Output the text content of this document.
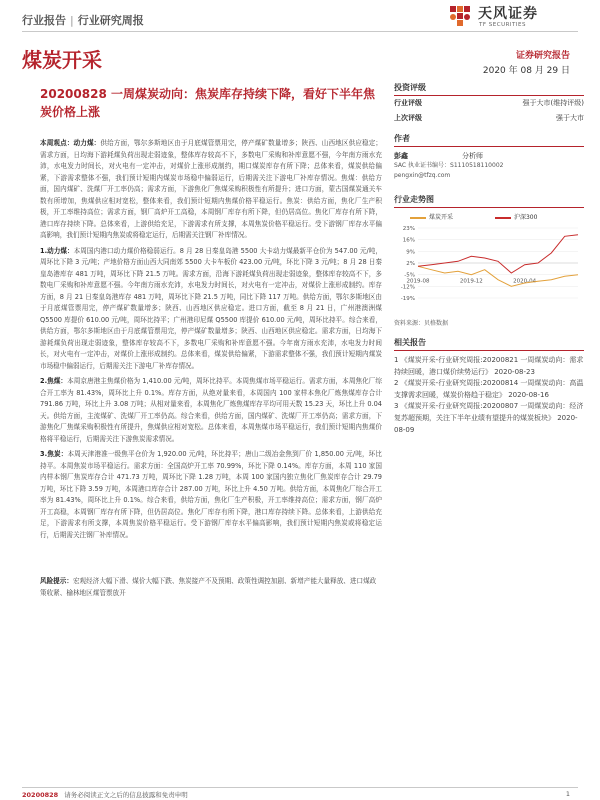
行业报告 | 行业研究周报	天风证券
TF SECURITIES
煤炭开采	证券研究报告
2020 年 08 月 29 日
20200828 一周煤炭动向：焦炭库存持续下降，看好下半年焦炭价格上涨

本周观点：动力煤：供给方面，鄂尔多斯地区由于月底煤管票用完，停产煤矿数量增多；陕西、山西地区供应稳定；需求方面，日均海下游耗煤负荷出现走弱迹象，整体库存较高不下，多数电厂采购和补库意愿不强，今年南方雨水充沛，水电发力时间长，对火电有一定冲击，对煤价上涨形成制约，期口煤炭库存有所下降；总体来看，煤炭供给偏紧，下游需求整体不强，我们预计短期内煤炭市场稳中偏弱运行，后期需关注下游电厂补库存情况。焦煤：供给方面，国内煤矿、洗煤厂开工率仍高；需求方面，下游焦化厂焦煤采购积极性有所提升；进口方面，蒙古国煤炭通关车数有所增加，焦煤供应相对宽松，整体来看，我们预计短期内焦煤价格平稳运行。焦炭：供给方面，焦化厂生产积极，开工率维持高位；需求方面，钢厂高炉开工高稳，本周钢厂库存有所下降，但仍居高位。焦化厂库存有所下降，港口库存持续下降。总体来看，上游供给充足，下游需求有所支撑，本周焦炭价格平稳运行。受下游钢厂库存水平偏高影响，我们预计短期内焦炭或将稳定运行，后期需关注钢厂补库情况。

1.动力煤：本周国内港口动力煤价格稳弱运行。8 月 28 日秦皇岛港 5500 大卡动力煤最新平仓价为 547.00 元/吨，周环比下降 3 元/吨；产地价格方面山西大同南郊 5500 大卡车板价 423.00 元/吨，环比下降 3 元/吨；8 月 28 日秦皇岛港库存 481 万吨，周环比下降 21.5 万吨。需求方面，沿海下游耗煤负荷出现走弱迹象，整体库存较高不下，多数电厂采购和补库意愿不强。今年南方雨水充沛，水电发力时间长，对火电有一定冲击，对煤价上涨形成制约。库存方面，8 月 21 日秦皇岛港库存 481 万吨，周环比下降 21.5 万吨，同比下降 117 万吨。供给方面，鄂尔多斯地区由于月底煤管票用完，停产煤矿数量增多；陕西、山西地区供应稳定。进口方面，截至 8 月 21 日，广州港澳洲煤 Q5500 库提价 610.00 元/吨，周环比持平；广州港印尼煤 Q5500 库提价 610.00 元/吨，周环比持平。综合来看，供给方面，鄂尔多斯地区由于月底煤管票用完，停产煤矿数量增多；陕西、山西地区供应稳定。需求方面，日均海下游耗煤负荷出现走弱迹象，整体库存较高不下，多数电厂采购和补库意愿不强。今年南方雨水充沛，水电发力时间长，对火电有一定冲击，对煤价上涨形成制约。总体来看，煤炭供给偏紧，下游需求整体不强，我们预计短期内煤炭市场稳中偏弱运行，后期需关注下游电厂补库存情况。

2.焦煤：本周京唐港主焦煤价格为 1,410.00 元/吨，周环比持平。本周焦煤市场平稳运行。需求方面，本周焦化厂综合开工率为 81.43%，周环比上升 0.1%。库存方面，从绝对量来看，本周国内 100 家样本焦化厂炼焦煤库存合计 791.86 万吨，环比上升 3.08 万吨；从相对量来看，本周焦化厂炼焦煤库存平均可用天数 15.23 天，环比上升 0.04 天。供给方面，主流煤矿、洗煤厂开工率仍高。综合来看，供给方面，国内煤矿、洗煤厂开工率仍高；需求方面，下游焦化厂焦煤采购积极性有所提升，焦煤供应相对宽松。总体来看，本周焦煤市场平稳运行，我们预计短期内焦煤价格将平稳运行，后期需关注下游焦炭需求情况。

3.焦炭：本周天津港准一级焦平仓价为 1,920.00 元/吨，环比持平；唐山二级冶金焦到厂价 1,850.00 元/吨，环比持平。本周焦炭市场平稳运行。需求方面：全国高炉开工率 70.99%，环比下降 0.14%。库存方面，本周 110 家国内样本钢厂焦炭库存合计 471.73 万吨，周环比下降 1.28 万吨，本周 100 家国内独立焦化厂焦炭库存合计 29.79 万吨，环比下降 3.59 万吨，本周港口库存合计 287.00 万吨，环比上升 4.50 万吨。供给方面，本周焦化厂综合开工率为 81.43%，周环比上升 0.1%。综合来看，供给方面，焦化厂生产积极，开工率维持高位；需求方面，钢厂高炉开工高稳，本周钢厂库存有所下降，但仍居高位。焦化厂库存有所下降，港口库存持续下降。总体来看，上游供给充足，下游需求有所支撑，本周焦炭价格平稳运行。受下游钢厂库存水平偏高影响，我们预计短期内焦炭或将稳定运行，后期需关注钢厂补库情况。

风险提示：宏观经济大幅下滑、煤价大幅下跌、焦炭接产不及预期、政策性调控加剧、新增产能大量释放、进口煤政策收紧、榆林地区煤管票放开
投资评级
行业评级	强于大市(维持评级)
上次评级	强于大市
作者
彭鑫	分析师
SAC 执业证书编号：S1110518110002
pengxin@tfzq.com
行业走势图
煤炭开采	沪深300
23%
16%
9%
2%
-5%
-12%
-19%
2019-08	2019-12	2020-04
资料来源：贝格数据
相关报告
1 《煤炭开采-行业研究周报:20200821 一周煤炭动向：需求持续回暖，港口煤价续势运行》 2020-08-23
2 《煤炭开采-行业研究周报:20200814 一周煤炭动向：高温支撑需求回暖，煤炭价格趋于稳定》 2020-08-16
3 《煤炭开采-行业研究周报:20200807 一周煤炭动向：经济复苏超预期，关注下半年业绩有望提升的煤炭板块》 2020-08-09
20200828 请务必阅读正文之后的信息披露和免责申明	1
